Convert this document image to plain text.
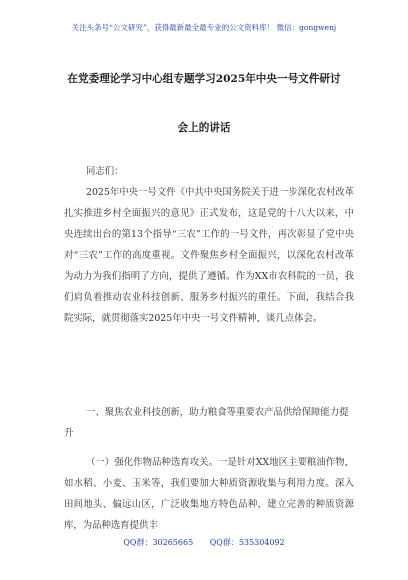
关注头条号“公文研究”，获得最新最全最专业的公文资料库！ 微信：gongwenj
在党委理论学习中心组专题学习2025年中央一号文件研讨
会上的讲话
同志们：

2025年中央一号文件《中共中央国务院关于进一步深化农村改革扎实推进乡村全面振兴的意见》正式发布，这是党的十八大以来，中央连续出台的第13个指导“三农”工作的一号文件，再次彰显了党中央对“三农”工作的高度重视。文件聚焦乡村全面振兴，以深化农村改革为动力为我们指明了方向，提供了遵循。作为XX市农科院的一员，我们肩负着推动农业科技创新、服务乡村振兴的重任。下面，我结合我院实际，就贯彻落实2025年中央一号文件精神，谈几点体会。

一、聚焦农业科技创新，助力粮食等重要农产品供给保障能力提升

（一）强化作物品种选育攻关。一是针对XX地区主要粮油作物，如水稻、小麦、玉米等，我们要加大种质资源收集与利用力度。深入田间地头、偏远山区，广泛收集地方特色品种，建立完善的种质资源库，为品种选育提供丰

QQ群：30265665 QQ群：535304092
